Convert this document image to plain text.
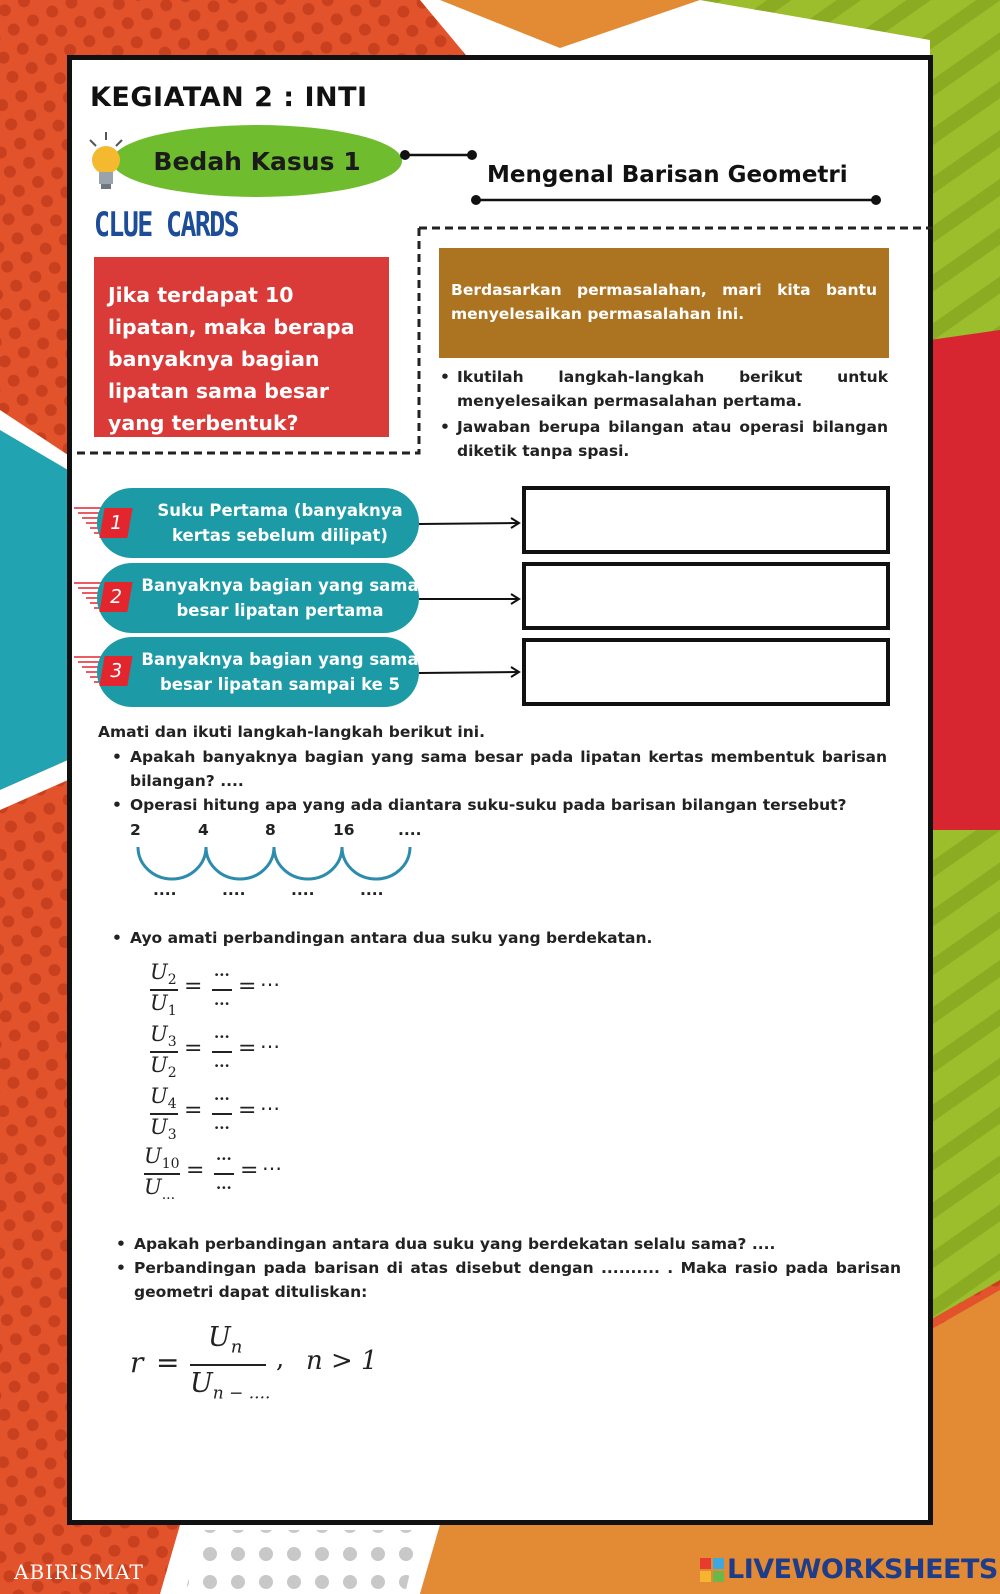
KEGIATAN 2 : INTI
Bedah Kasus 1	Mengenal Barisan Geometri
CLUE CARDS
Jika terdapat 10 lipatan, maka berapa banyaknya bagian lipatan sama besar yang terbentuk?
Berdasarkan permasalahan, mari kita bantu
menyelesaikan permasalahan ini.
• Ikutilah langkah-langkah berikut untuk menyelesaikan permasalahan pertama.
• Jawaban berupa bilangan atau operasi bilangan diketik tanpa spasi.
Suku Pertama (banyaknya kertas sebelum dilipat)
1
Banyaknya bagian yang sama besar lipatan pertama
2
Banyaknya bagian yang sama besar lipatan sampai ke 5
3
Amati dan ikuti langkah-langkah berikut ini.
• Apakah banyaknya bagian yang sama besar pada lipatan kertas membentuk barisan bilangan? ....
• Operasi hitung apa yang ada diantara suku-suku pada barisan bilangan tersebut?
2	4	8	16	....
....	....	....	....
• Ayo amati perbandingan antara dua suku yang berdekatan.
• Apakah perbandingan antara dua suku yang berdekatan selalu sama? ....
• Perbandingan pada barisan di atas disebut dengan .......... . Maka rasio pada barisan geometri dapat dituliskan:
r =
$U_n$
$U_{n - ....}$
, n > 1
$U_2$
$U_1$
=
...
...
= ⋯
$U_3$
$U_2$
=
...
...
= ⋯
$U_4$
$U_3$
=
...
...
= ⋯
$U_{10}$
$U_{...}$
=
...
...
= ⋯
ABIRISMAT	LIVEWORKSHEETS
